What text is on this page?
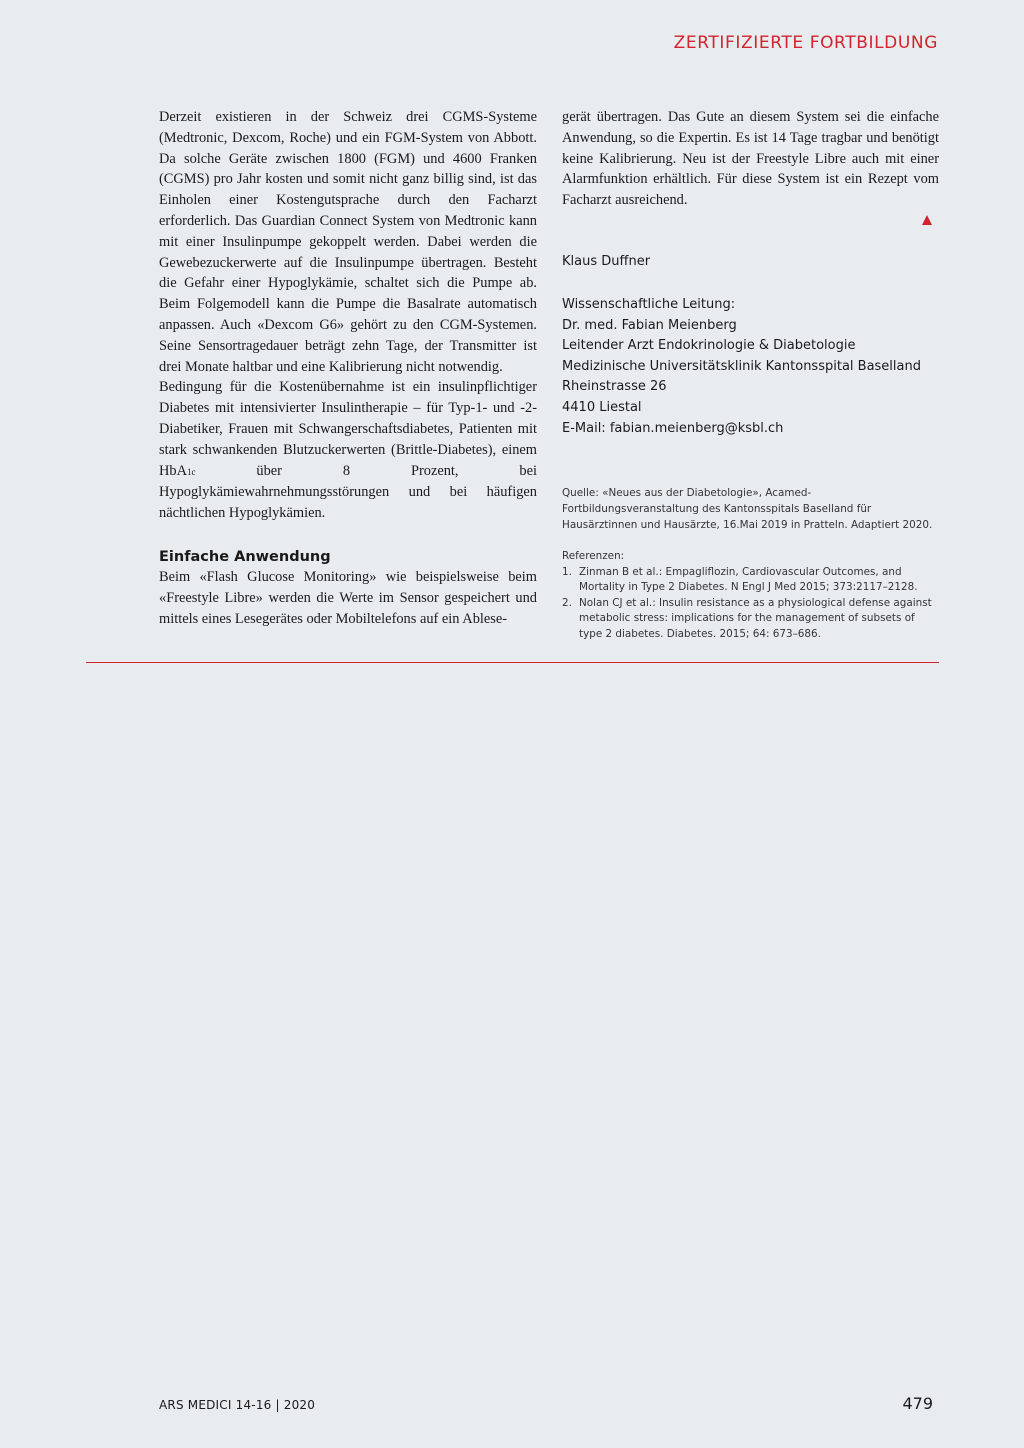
ZERTIFIZIERTE FORTBILDUNG

Derzeit existieren in der Schweiz drei CGMS-Systeme (Medtronic, Dexcom, Roche) und ein FGM-System von Abbott. Da solche Geräte zwischen 1800 (FGM) und 4600 Franken (CGMS) pro Jahr kosten und somit nicht ganz billig sind, ist das Einholen einer Kostengutsprache durch den Facharzt erforderlich. Das Guardian Connect System von Medtronic kann mit einer Insulinpumpe gekoppelt werden. Dabei werden die Gewebezuckerwerte auf die Insulinpumpe übertragen. Besteht die Gefahr einer Hypoglykämie, schaltet sich die Pumpe ab. Beim Folgemodell kann die Pumpe die Basalrate automatisch anpassen. Auch «Dexcom G6» gehört zu den CGM-Systemen. Seine Sensortragedauer beträgt zehn Tage, der Transmitter ist drei Monate haltbar und eine Kalibrierung nicht notwendig.

Bedingung für die Kostenübernahme ist ein insulinpflichtiger Diabetes mit intensivierter Insulintherapie – für Typ-1- und -2-Diabetiker, Frauen mit Schwangerschaftsdiabetes, Patienten mit stark schwankenden Blutzuckerwerten (Brittle-Diabetes), einem HbA1c über 8 Prozent, bei Hypoglykämiewahrnehmungsstörungen und bei häufigen nächtlichen Hypoglykämien.

Einfache Anwendung

Beim «Flash Glucose Monitoring» wie beispielsweise beim «Freestyle Libre» werden die Werte im Sensor gespeichert und mittels eines Lesegerätes oder Mobiltelefons auf ein Ablese-

gerät übertragen. Das Gute an diesem System sei die einfache Anwendung, so die Expertin. Es ist 14 Tage tragbar und benötigt keine Kalibrierung. Neu ist der Freestyle Libre auch mit einer Alarmfunktion erhältlich. Für diese System ist ein Rezept vom Facharzt ausreichend.

Klaus Duffner
Wissenschaftliche Leitung:
Dr. med. Fabian Meienberg
Leitender Arzt Endokrinologie & Diabetologie
Medizinische Universitätsklinik Kantonsspital Baselland
Rheinstrasse 26
4410 Liestal
E-Mail: fabian.meienberg@ksbl.ch
Quelle: «Neues aus der Diabetologie», Acamed-Fortbildungsveranstaltung des Kantonsspitals Baselland für Hausärztinnen und Hausärzte, 16.Mai 2019 in Pratteln. Adaptiert 2020.
Referenzen:
1. Zinman B et al.: Empagliflozin, Cardiovascular Outcomes, and Mortality in Type 2 Diabetes. N Engl J Med 2015; 373:2117–2128.
2. Nolan CJ et al.: Insulin resistance as a physiological defense against metabolic stress: implications for the management of subsets of type 2 diabetes. Diabetes. 2015; 64: 673–686.
ARS MEDICI 14-16 | 2020	479
